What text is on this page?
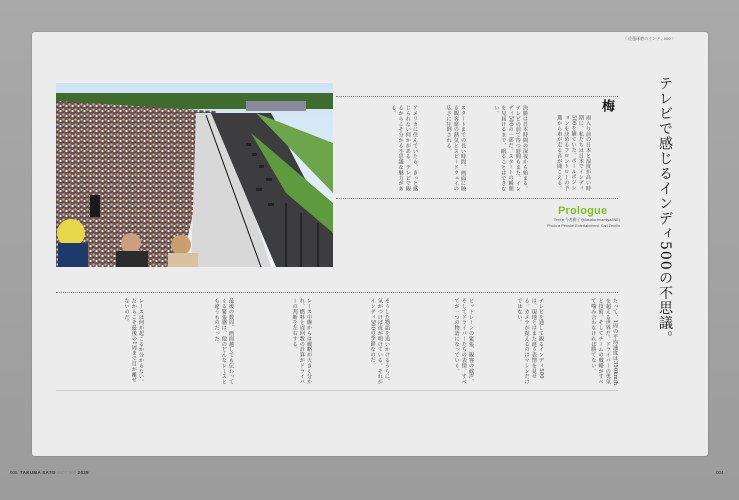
〈 佐藤琢磨のインディ500 〉
テレビで感じるインディ500の不思議。
梅
雨入り前の日本と湿度が高い時期に、私たちは日本でインディ500を観ていた。ポールポジションを決めるフロントローの予選から車が走る音が聞こえる。
決勝は日本時間の深夜から始まる。テレビの前で待つ時間もまた、インディ500の一部だ。スタートの瞬間を見届けるまで、眠ることはできない。
スタートまでの長い時間、画面に映る観客席の熱気とスピードウェイの広さに圧倒される。
アメリカに住んでいたら、きっと感じられない何かがある。テレビで観るからこそ分かる不思議な魅力がある。
Prologue
Text ● 今宮雅子 (Masako Imamiya/INE)
Photo ● Penske Entertainment: Karl Zemlin
たって、1周の平均速度は350km/hを超える世界だ。ドライバーの勇気と技術、そしてチームの戦略がすべて噛み合わなければ勝てない。
テレビを通して観るインディ500は、現地とはまた違う表情を見せる。カメラが捉えるのはマシンだけではない。
ピットレーンの緊張、観客の歓声、そしてドライバーたちの表情。すべてが一つの物語になっていく。
そうした物語を追いかけるうちに、気がつけば夜が明けている。それがインディ500の季節なのだ。
レース中盤からは戦略が大きく分かれ、燃料と周回数の計算がドライバーの判断を左右する。
最後の数周、画面越しでも伝わってくる緊張感は、他のどんなレースとも違うものだった。
レースは何が起こるか分からない。だからこそ最後の1周まで目が離せないのだ。
005 TAKUMA SATO INDY 500 2025	004
